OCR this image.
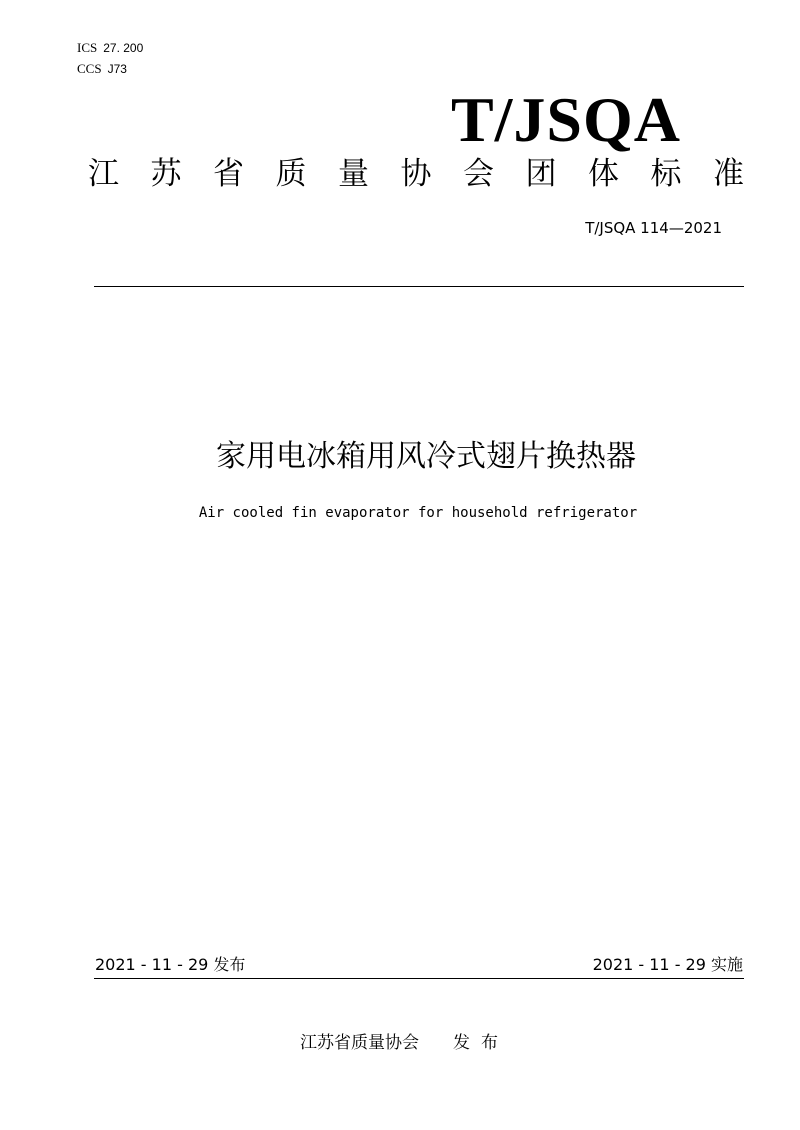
ICS 27. 200
CCS J73
T/JSQA
江 苏 省 质 量 协 会 团 体 标 准
T/JSQA 114—2021
家用电冰箱用风冷式翅片换热器
Air cooled fin evaporator for household refrigerator
2021 - 11 - 29 发布	2021 - 11 - 29 实施
江苏省质量协会 发布
